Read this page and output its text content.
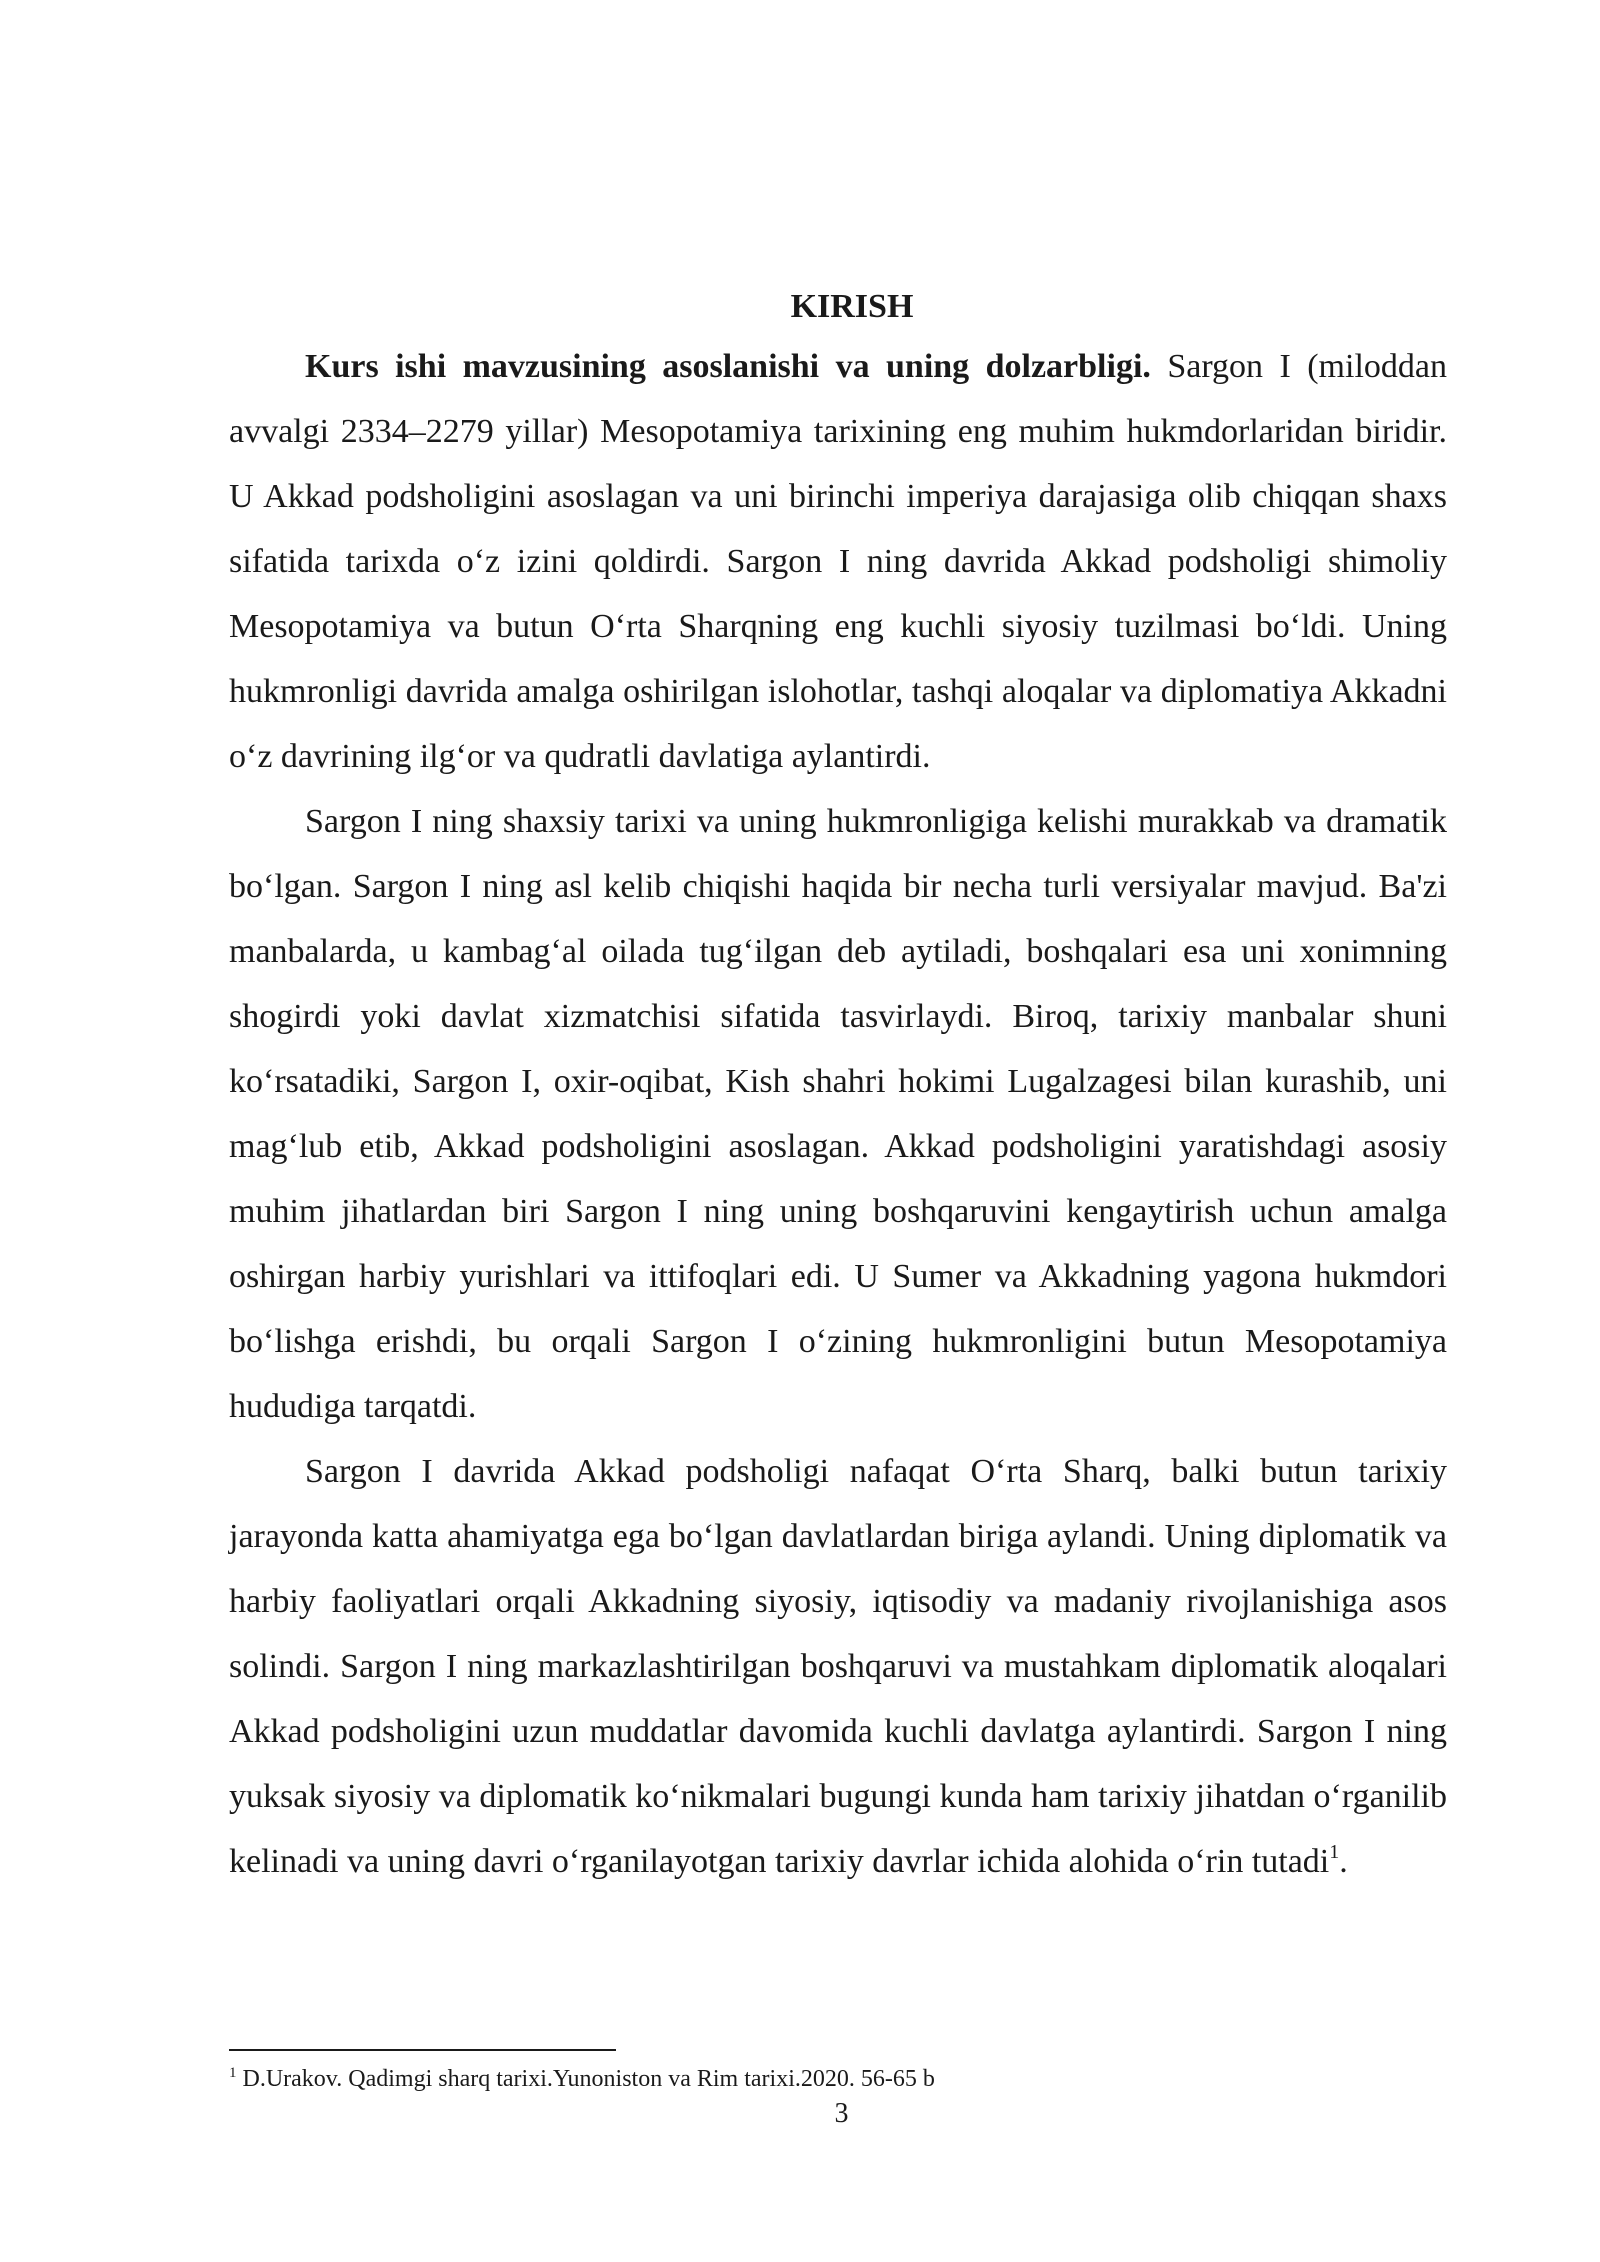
KIRISH

Kurs ishi mavzusining asoslanishi va uning dolzarbligi. Sargon I (miloddan avvalgi 2334–2279 yillar) Mesopotamiya tarixining eng muhim hukmdorlaridan biridir. U Akkad podsholigini asoslagan va uni birinchi imperiya darajasiga olib chiqqan shaxs sifatida tarixda o‘z izini qoldirdi. Sargon I ning davrida Akkad podsholigi shimoliy Mesopotamiya va butun O‘rta Sharqning eng kuchli siyosiy tuzilmasi bo‘ldi. Uning hukmronligi davrida amalga oshirilgan islohotlar, tashqi aloqalar va diplomatiya Akkadni o‘z davrining ilg‘or va qudratli davlatiga aylantirdi.

Sargon I ning shaxsiy tarixi va uning hukmronligiga kelishi murakkab va dramatik bo‘lgan. Sargon I ning asl kelib chiqishi haqida bir necha turli versiyalar mavjud. Ba'zi manbalarda, u kambag‘al oilada tug‘ilgan deb aytiladi, boshqalari esa uni xonimning shogirdi yoki davlat xizmatchisi sifatida tasvirlaydi. Biroq, tarixiy manbalar shuni ko‘rsatadiki, Sargon I, oxir-oqibat, Kish shahri hokimi Lugalzagesi bilan kurashib, uni mag‘lub etib, Akkad podsholigini asoslagan. Akkad podsholigini yaratishdagi asosiy muhim jihatlardan biri Sargon I ning uning boshqaruvini kengaytirish uchun amalga oshirgan harbiy yurishlari va ittifoqlari edi. U Sumer va Akkadning yagona hukmdori bo‘lishga erishdi, bu orqali Sargon I o‘zining hukmronligini butun Mesopotamiya hududiga tarqatdi.

Sargon I davrida Akkad podsholigi nafaqat O‘rta Sharq, balki butun tarixiy jarayonda katta ahamiyatga ega bo‘lgan davlatlardan biriga aylandi. Uning diplomatik va harbiy faoliyatlari orqali Akkadning siyosiy, iqtisodiy va madaniy rivojlanishiga asos solindi. Sargon I ning markazlashtirilgan boshqaruvi va mustahkam diplomatik aloqalari Akkad podsholigini uzun muddatlar davomida kuchli davlatga aylantirdi. Sargon I ning yuksak siyosiy va diplomatik ko‘nikmalari bugungi kunda ham tarixiy jihatdan o‘rganilib kelinadi va uning davri o‘rganilayotgan tarixiy davrlar ichida alohida o‘rin tutadi$^1$.

$^1$ D.Urakov. Qadimgi sharq tarixi.Yunoniston va Rim tarixi.2020. 56-65 b

3
